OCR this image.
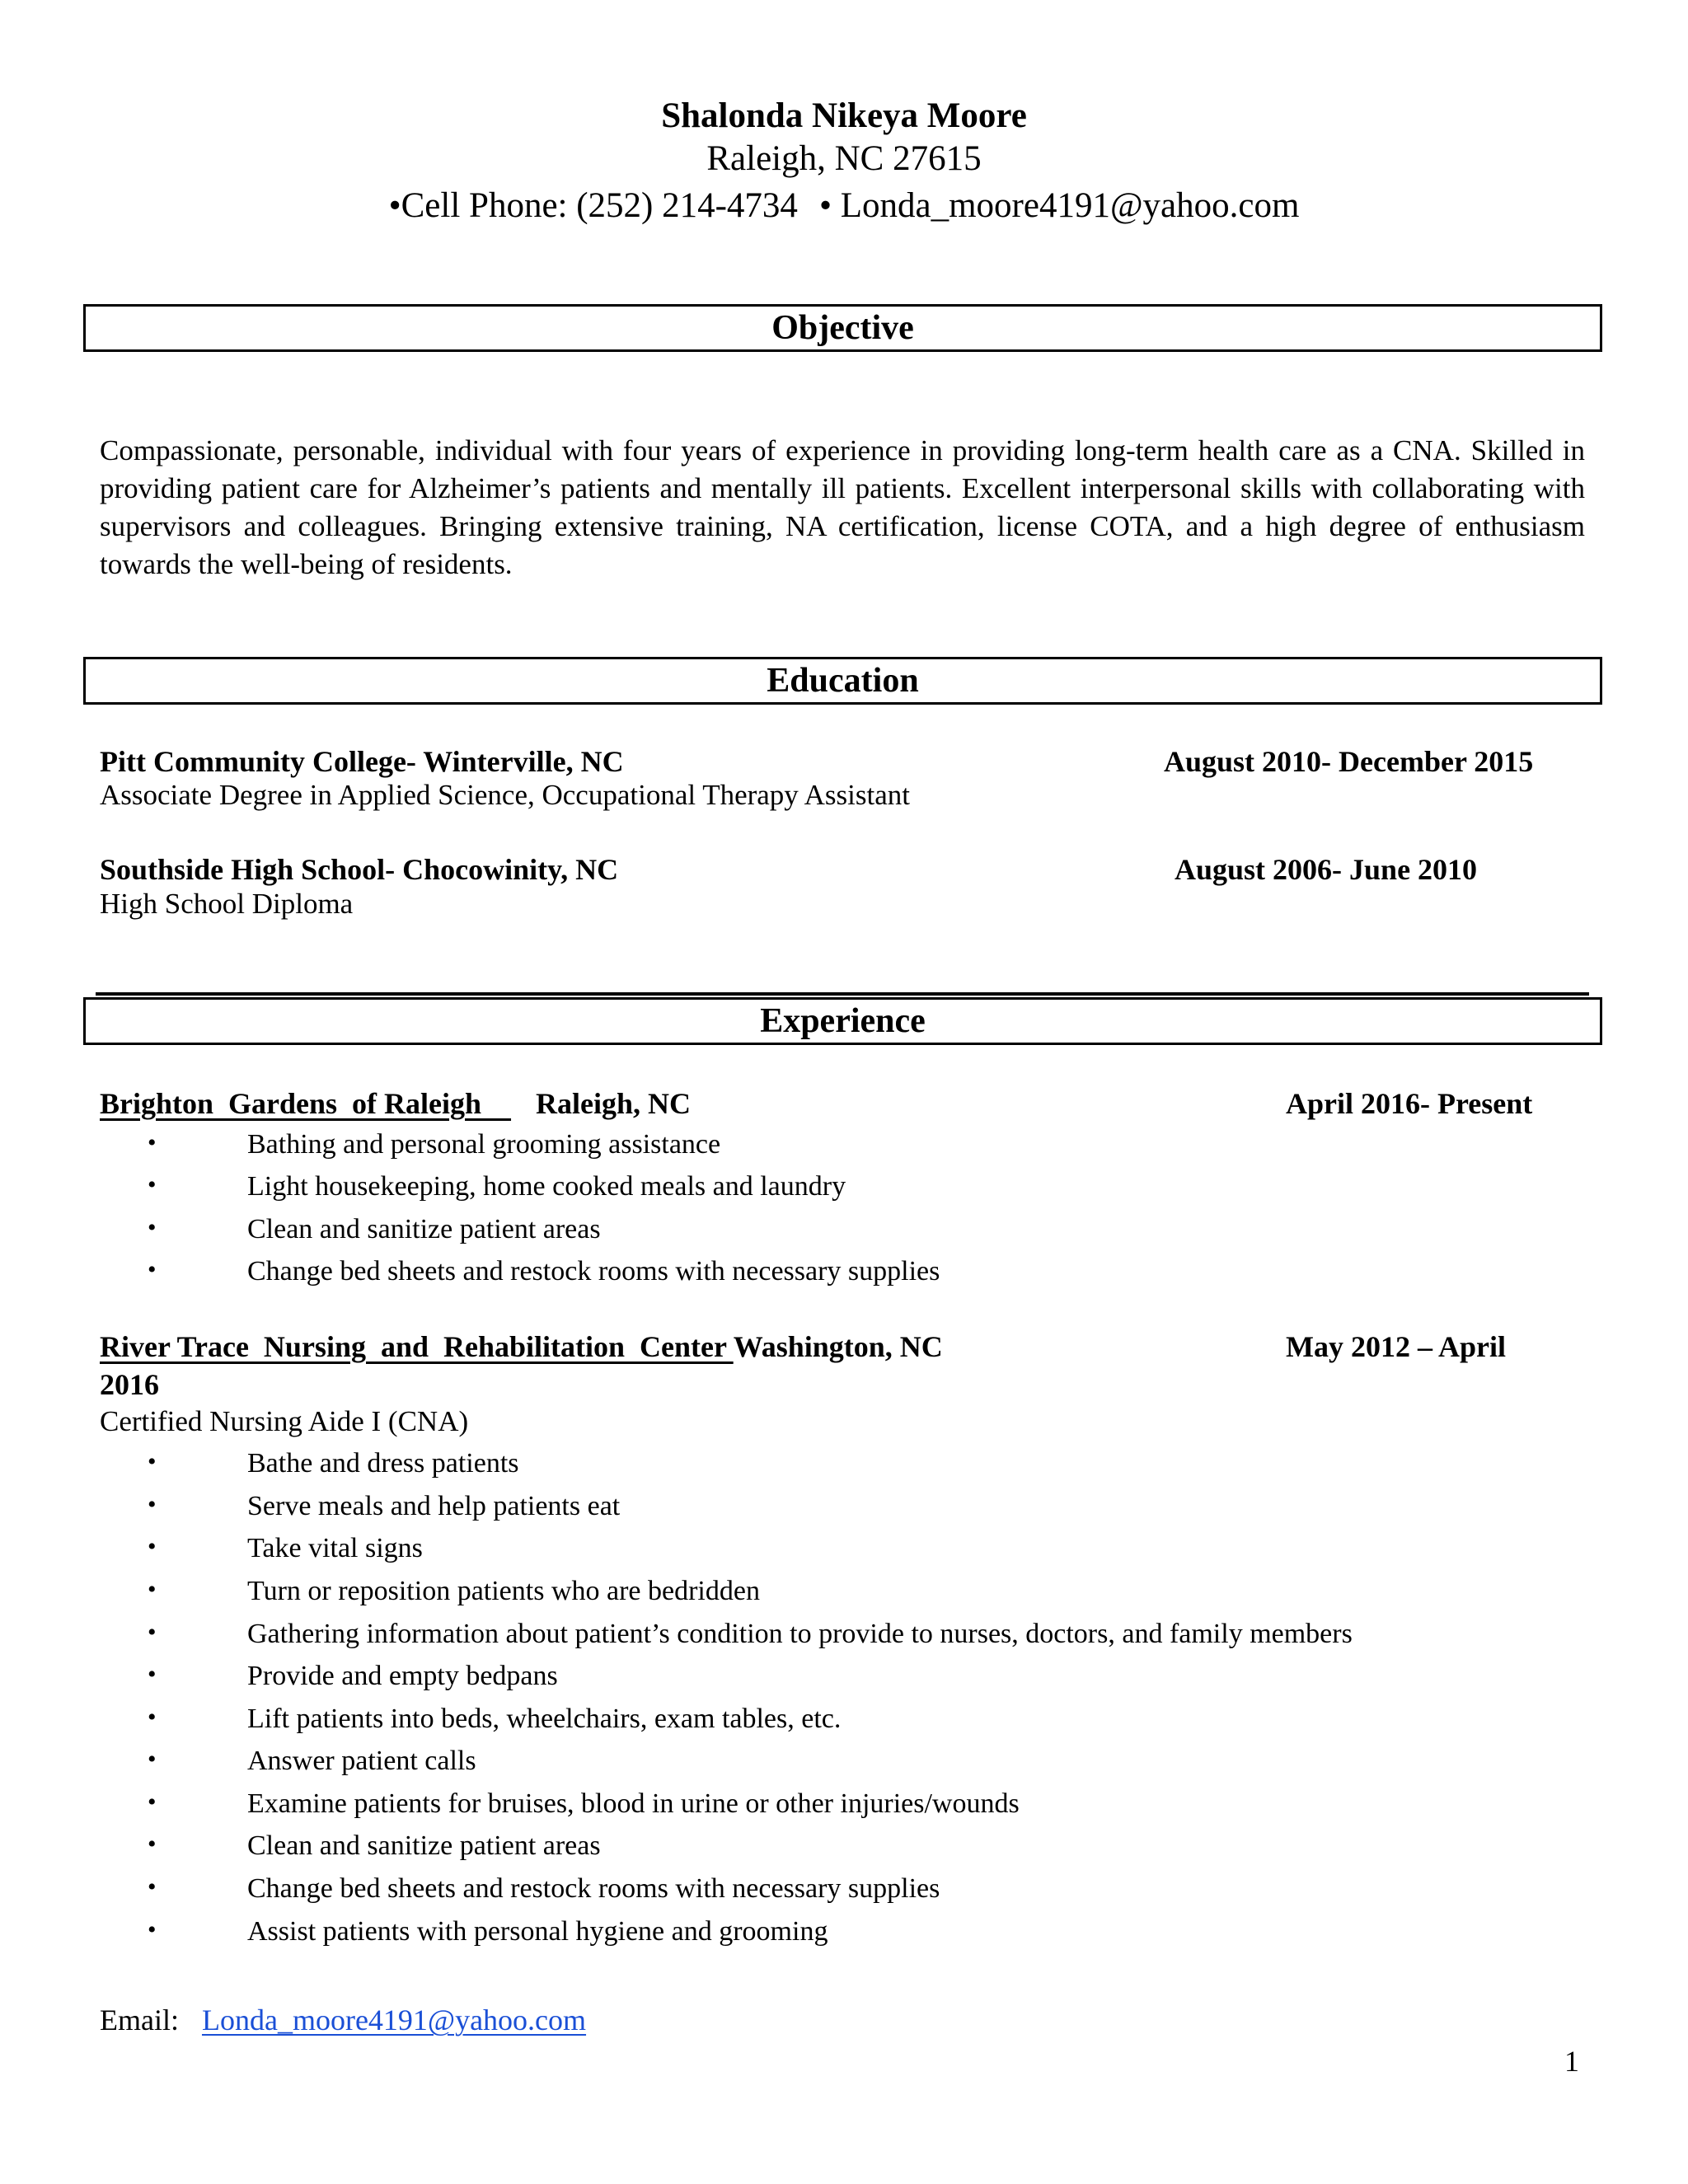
Shalonda Nikeya Moore
Raleigh, NC 27615
•Cell Phone: (252) 214-4734 • Londa_moore4191@yahoo.com
Objective
Compassionate, personable, individual with four years of experience in providing long-term health care as a CNA. Skilled in providing patient care for Alzheimer’s patients and mentally ill patients. Excellent interpersonal skills with collaborating with supervisors and colleagues. Bringing extensive training, NA certification, license COTA, and a high degree of enthusiasm towards the well-being of residents.
Education
Pitt Community College- Winterville, NC	August 2010- December 2015
Associate Degree in Applied Science, Occupational Therapy Assistant
Southside High School- Chocowinity, NC	August 2006- June 2010
High School Diploma
Experience
Brighton  Gardens  of Raleigh      Raleigh, NC	April 2016- Present
•	Bathing and personal grooming assistance
•	Light housekeeping, home cooked meals and laundry
•	Clean and sanitize patient areas
•	Change bed sheets and restock rooms with necessary supplies
River Trace  Nursing  and  Rehabilitation  Center Washington, NC	May 2012 – April
2016
Certified Nursing Aide I (CNA)
•	Bathe and dress patients
•	Serve meals and help patients eat
•	Take vital signs
•	Turn or reposition patients who are bedridden
•	Gathering information about patient’s condition to provide to nurses, doctors, and family members
•	Provide and empty bedpans
•	Lift patients into beds, wheelchairs, exam tables, etc.
•	Answer patient calls
•	Examine patients for bruises, blood in urine or other injuries/wounds
•	Clean and sanitize patient areas
•	Change bed sheets and restock rooms with necessary supplies
•	Assist patients with personal hygiene and grooming
Email: Londa_moore4191@yahoo.com
1
